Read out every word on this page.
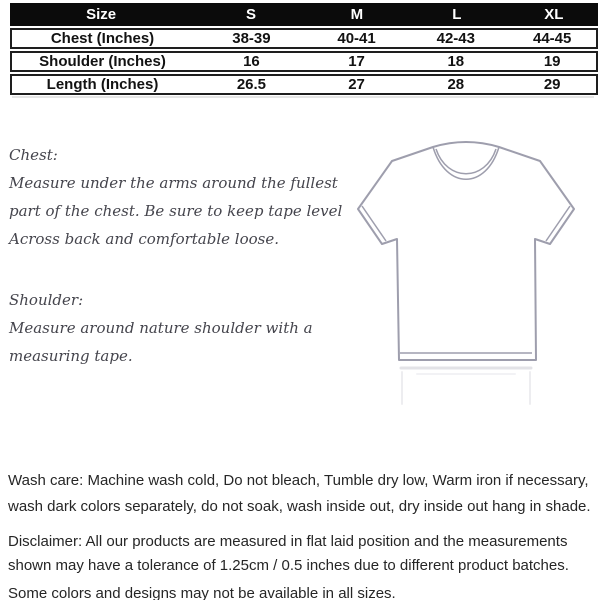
Size	S	M	L	XL
Chest (Inches)	38-39	40-41	42-43	44-45
Shoulder (Inches)	16	17	18	19
Length (Inches)	26.5	27	28	29
Chest:
Measure under the arms around the fullest
part of the chest. Be sure to keep tape level
Across back and comfortable loose.
Shoulder:
Measure around nature shoulder with a
measuring tape.

Wash care: Machine wash cold, Do not bleach, Tumble dry low, Warm iron if necessary,
wash dark colors separately, do not soak, wash inside out, dry inside out hang in shade.

Disclaimer: All our products are measured in flat laid position and the measurements
shown may have a tolerance of 1.25cm / 0.5 inches due to different product batches.

Some colors and designs may not be available in all sizes.
